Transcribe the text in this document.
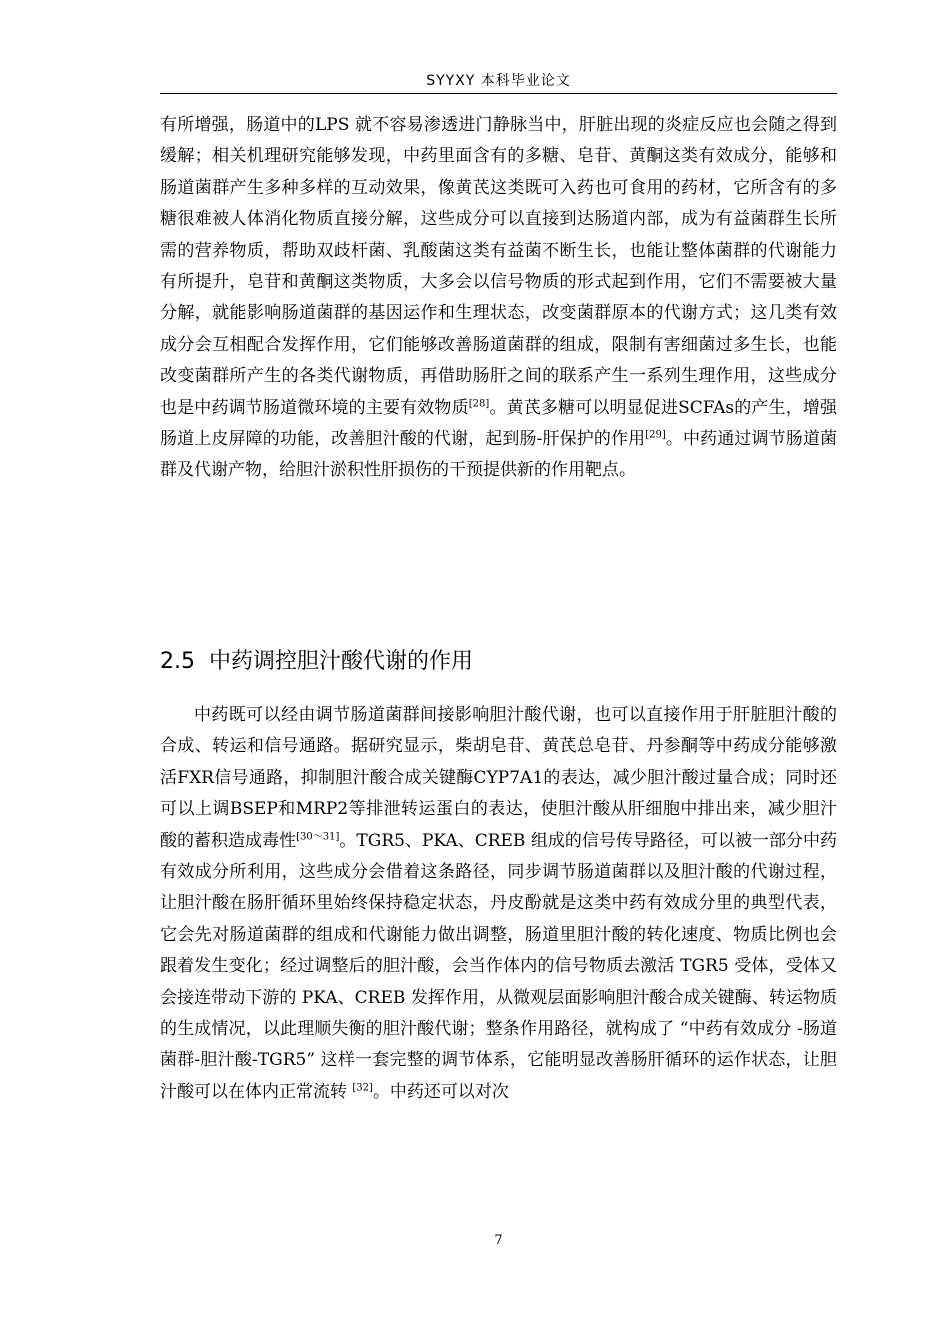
SYYXY 本科毕业论文

有所增强，肠道中的LPS 就不容易渗透进门静脉当中，肝脏出现的炎症反应也会随之得到缓解；相关机理研究能够发现，中药里面含有的多糖、皂苷、黄酮这类有效成分，能够和肠道菌群产生多种多样的互动效果，像黄芪这类既可入药也可食用的药材，它所含有的多糖很难被人体消化物质直接分解，这些成分可以直接到达肠道内部，成为有益菌群生长所需的营养物质，帮助双歧杆菌、乳酸菌这类有益菌不断生长，也能让整体菌群的代谢能力有所提升，皂苷和黄酮这类物质，大多会以信号物质的形式起到作用，它们不需要被大量分解，就能影响肠道菌群的基因运作和生理状态，改变菌群原本的代谢方式；这几类有效成分会互相配合发挥作用，它们能够改善肠道菌群的组成，限制有害细菌过多生长，也能改变菌群所产生的各类代谢物质，再借助肠肝之间的联系产生一系列生理作用，这些成分也是中药调节肠道微环境的主要有效物质[28]。黄芪多糖可以明显促进SCFAs的产生，增强肠道上皮屏障的功能，改善胆汁酸的代谢，起到肠-肝保护的作用[29]。中药通过调节肠道菌群及代谢产物，给胆汁淤积性肝损伤的干预提供新的作用靶点。

2.5 中药调控胆汁酸代谢的作用

中药既可以经由调节肠道菌群间接影响胆汁酸代谢，也可以直接作用于肝脏胆汁酸的合成、转运和信号通路。据研究显示，柴胡皂苷、黄芪总皂苷、丹参酮等中药成分能够激活FXR信号通路，抑制胆汁酸合成关键酶CYP7A1的表达，减少胆汁酸过量合成；同时还可以上调BSEP和MRP2等排泄转运蛋白的表达，使胆汁酸从肝细胞中排出来，减少胆汁酸的蓄积造成毒性[30～31]。TGR5、PKA、CREB 组成的信号传导路径，可以被一部分中药有效成分所利用，这些成分会借着这条路径，同步调节肠道菌群以及胆汁酸的代谢过程，让胆汁酸在肠肝循环里始终保持稳定状态，丹皮酚就是这类中药有效成分里的典型代表，它会先对肠道菌群的组成和代谢能力做出调整，肠道里胆汁酸的转化速度、物质比例也会跟着发生变化；经过调整后的胆汁酸，会当作体内的信号物质去激活 TGR5 受体，受体又会接连带动下游的 PKA、CREB 发挥作用，从微观层面影响胆汁酸合成关键酶、转运物质的生成情况，以此理顺失衡的胆汁酸代谢；整条作用路径，就构成了 “中药有效成分 -肠道菌群-胆汁酸-TGR5” 这样一套完整的调节体系，它能明显改善肠肝循环的运作状态，让胆汁酸可以在体内正常流转 [32]。中药还可以对次

7
